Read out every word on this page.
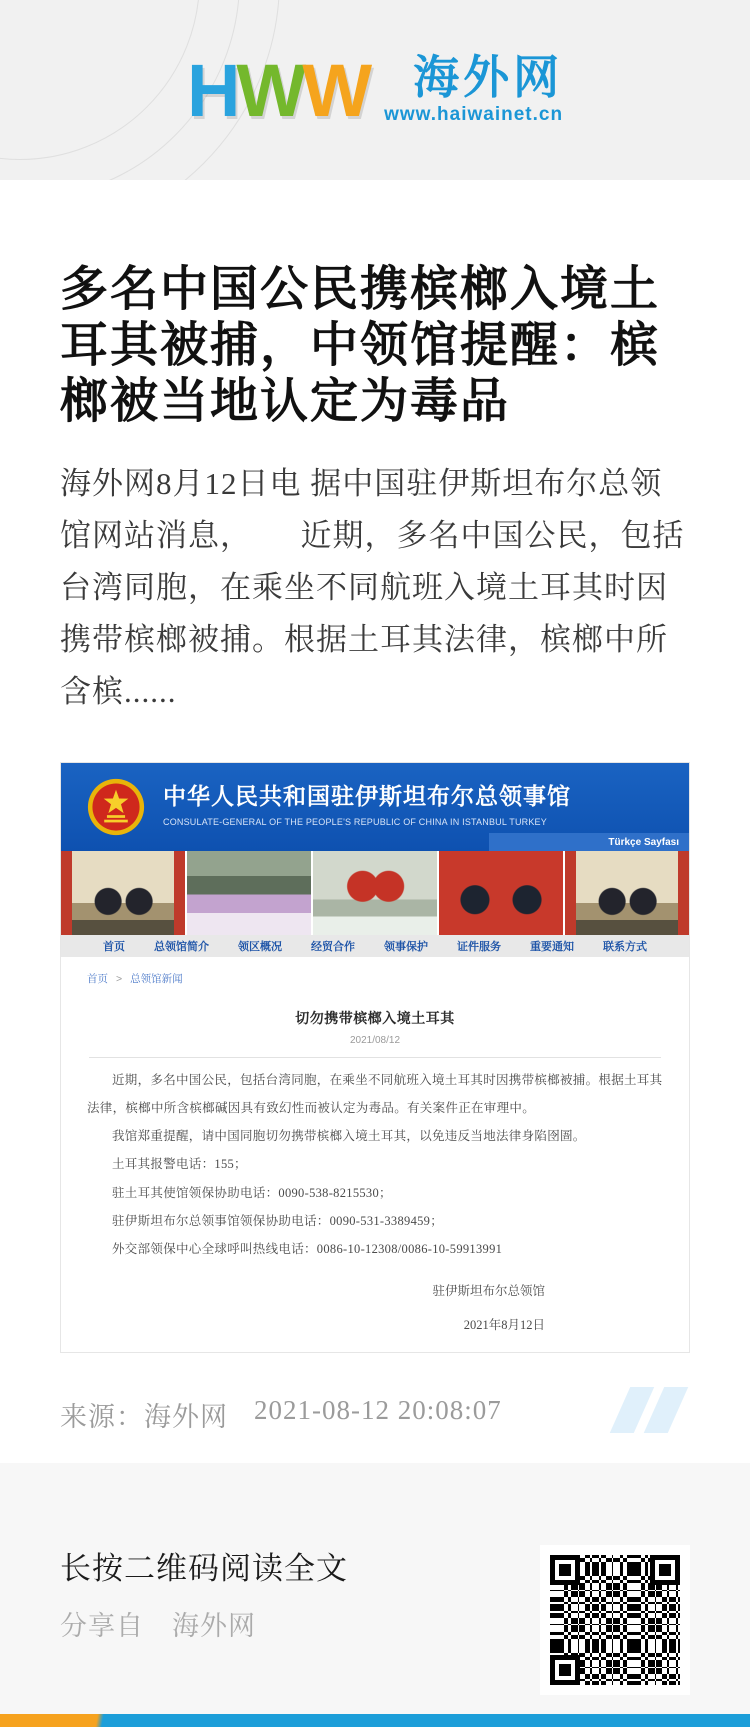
HWW 海外网
www.haiwainet.cn
多名中国公民携槟榔入境土耳其被捕，中领馆提醒：槟榔被当地认定为毒品

海外网8月12日电 据中国驻伊斯坦布尔总领馆网站消息，　　近期，多名中国公民，包括台湾同胞，在乘坐不同航班入境土耳其时因携带槟榔被捕。根据土耳其法律，槟榔中所含槟......

中华人民共和国驻伊斯坦布尔总领事馆
CONSULATE-GENERAL OF THE PEOPLE'S REPUBLIC OF CHINA IN ISTANBUL TURKEY
Türkçe Sayfası
首页	总领馆简介	领区概况	经贸合作	领事保护	证件服务	重要通知	联系方式
首页 > 总领馆新闻
切勿携带槟榔入境土耳其
2021/08/12

近期，多名中国公民，包括台湾同胞，在乘坐不同航班入境土耳其时因携带槟榔被捕。根据土耳其法律，槟榔中所含槟榔碱因具有致幻性而被认定为毒品。有关案件正在审理中。

我馆郑重提醒，请中国同胞切勿携带槟榔入境土耳其，以免违反当地法律身陷囹圄。

土耳其报警电话：155；

驻土耳其使馆领保协助电话：0090-538-8215530；

驻伊斯坦布尔总领事馆领保协助电话：0090-531-3389459；

外交部领保中心全球呼叫热线电话：0086-10-12308/0086-10-59913991

驻伊斯坦布尔总领馆
2021年8月12日
来源：海外网 2021-08-12 20:08:07
长按二维码阅读全文
分享自　海外网
